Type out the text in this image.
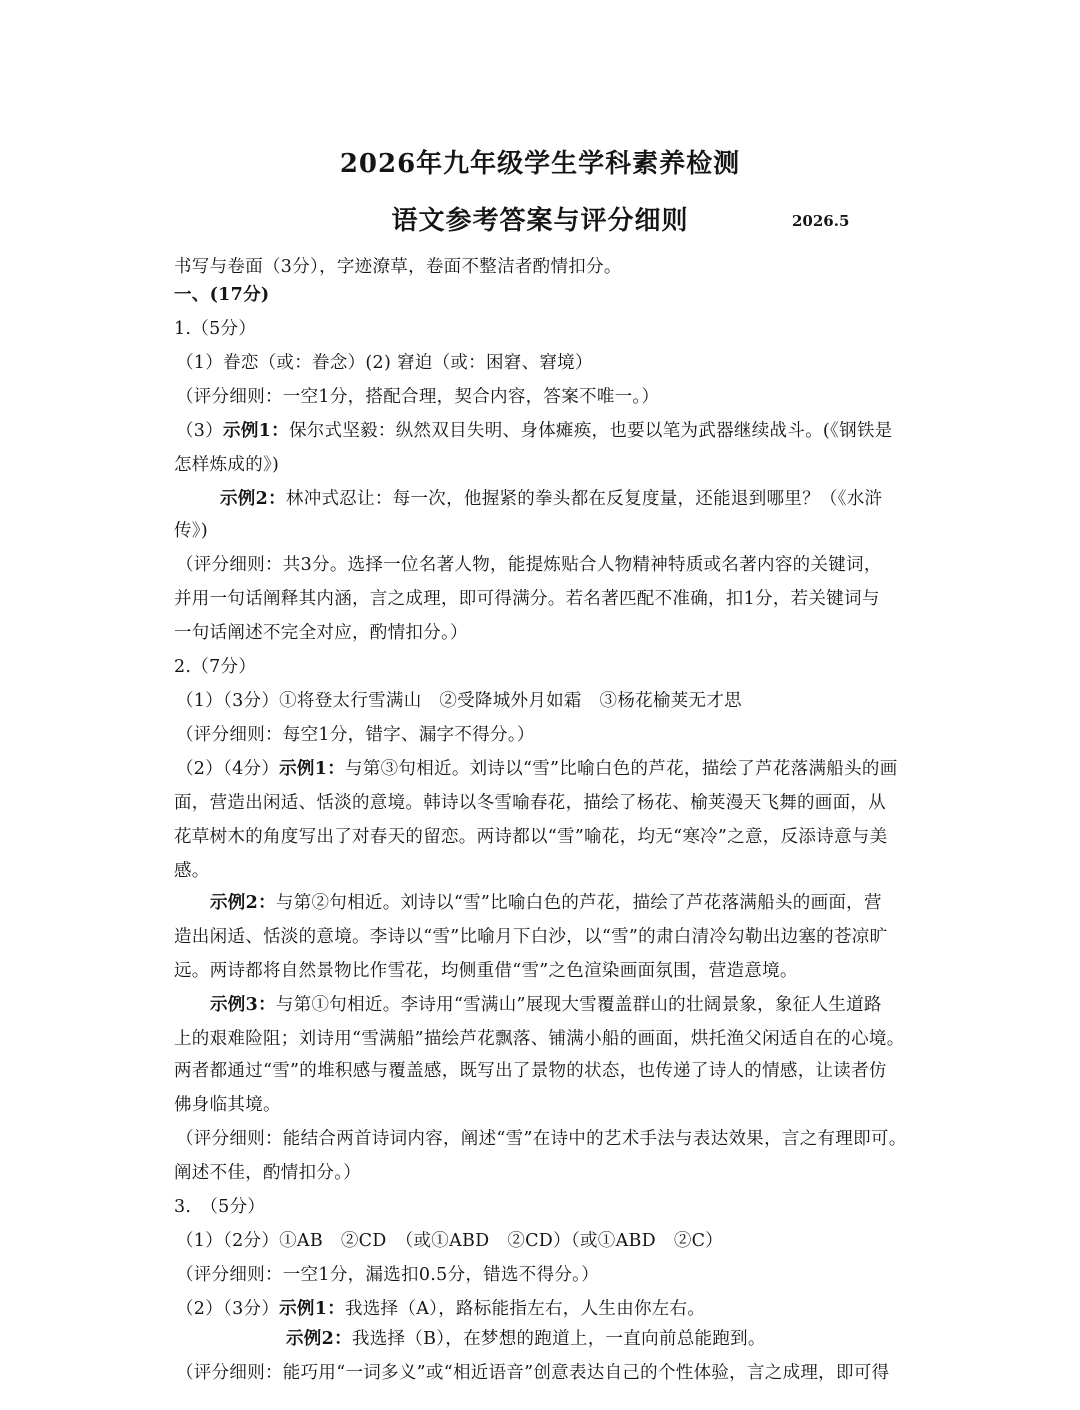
2026年九年级学生学科素养检测
语文参考答案与评分细则	2026.5
书写与卷面（3分），字迹潦草，卷面不整洁者酌情扣分。
一、(17分)
1.（5分）
（1）眷恋（或：眷念）(2) 窘迫（或：困窘、窘境）
（评分细则：一空1分，搭配合理，契合内容，答案不唯一。）
（3）示例1：保尔式坚毅：纵然双目失明、身体瘫痪，也要以笔为武器继续战斗。(《钢铁是
怎样炼成的》)
示例2：林冲式忍让：每一次，他握紧的拳头都在反复度量，还能退到哪里？（《水浒
传》)
（评分细则：共3分。选择一位名著人物，能提炼贴合人物精神特质或名著内容的关键词，
并用一句话阐释其内涵，言之成理，即可得满分。若名著匹配不准确，扣1分，若关键词与
一句话阐述不完全对应，酌情扣分。）
2.（7分）
（1）（3分）①将登太行雪满山　②受降城外月如霜　③杨花榆荚无才思
（评分细则：每空1分，错字、漏字不得分。）
（2）（4分）示例1：与第③句相近。刘诗以“雪”比喻白色的芦花，描绘了芦花落满船头的画
面，营造出闲适、恬淡的意境。韩诗以冬雪喻春花，描绘了杨花、榆荚漫天飞舞的画面，从
花草树木的角度写出了对春天的留恋。两诗都以“雪”喻花，均无“寒冷”之意，反添诗意与美
感。
示例2：与第②句相近。刘诗以“雪”比喻白色的芦花，描绘了芦花落满船头的画面，营
造出闲适、恬淡的意境。李诗以“雪”比喻月下白沙，以“雪”的肃白清冷勾勒出边塞的苍凉旷
远。两诗都将自然景物比作雪花，均侧重借“雪”之色渲染画面氛围，营造意境。
示例3：与第①句相近。李诗用“雪满山”展现大雪覆盖群山的壮阔景象，象征人生道路
上的艰难险阻；刘诗用“雪满船”描绘芦花飘落、铺满小船的画面，烘托渔父闲适自在的心境。
两者都通过“雪”的堆积感与覆盖感，既写出了景物的状态，也传递了诗人的情感，让读者仿
佛身临其境。
（评分细则：能结合两首诗词内容，阐述“雪”在诗中的艺术手法与表达效果，言之有理即可。
阐述不佳，酌情扣分。）
3.　（5分）
（1）（2分）①AB　②CD　（或①ABD　②CD）（或①ABD　②C）
（评分细则：一空1分，漏选扣0.5分，错选不得分。）
（2）（3分）示例1：我选择（A），路标能指左右，人生由你左右。
示例2：我选择（B），在梦想的跑道上，一直向前总能跑到。
（评分细则：能巧用“一词多义”或“相近语音”创意表达自己的个性体验，言之成理，即可得
